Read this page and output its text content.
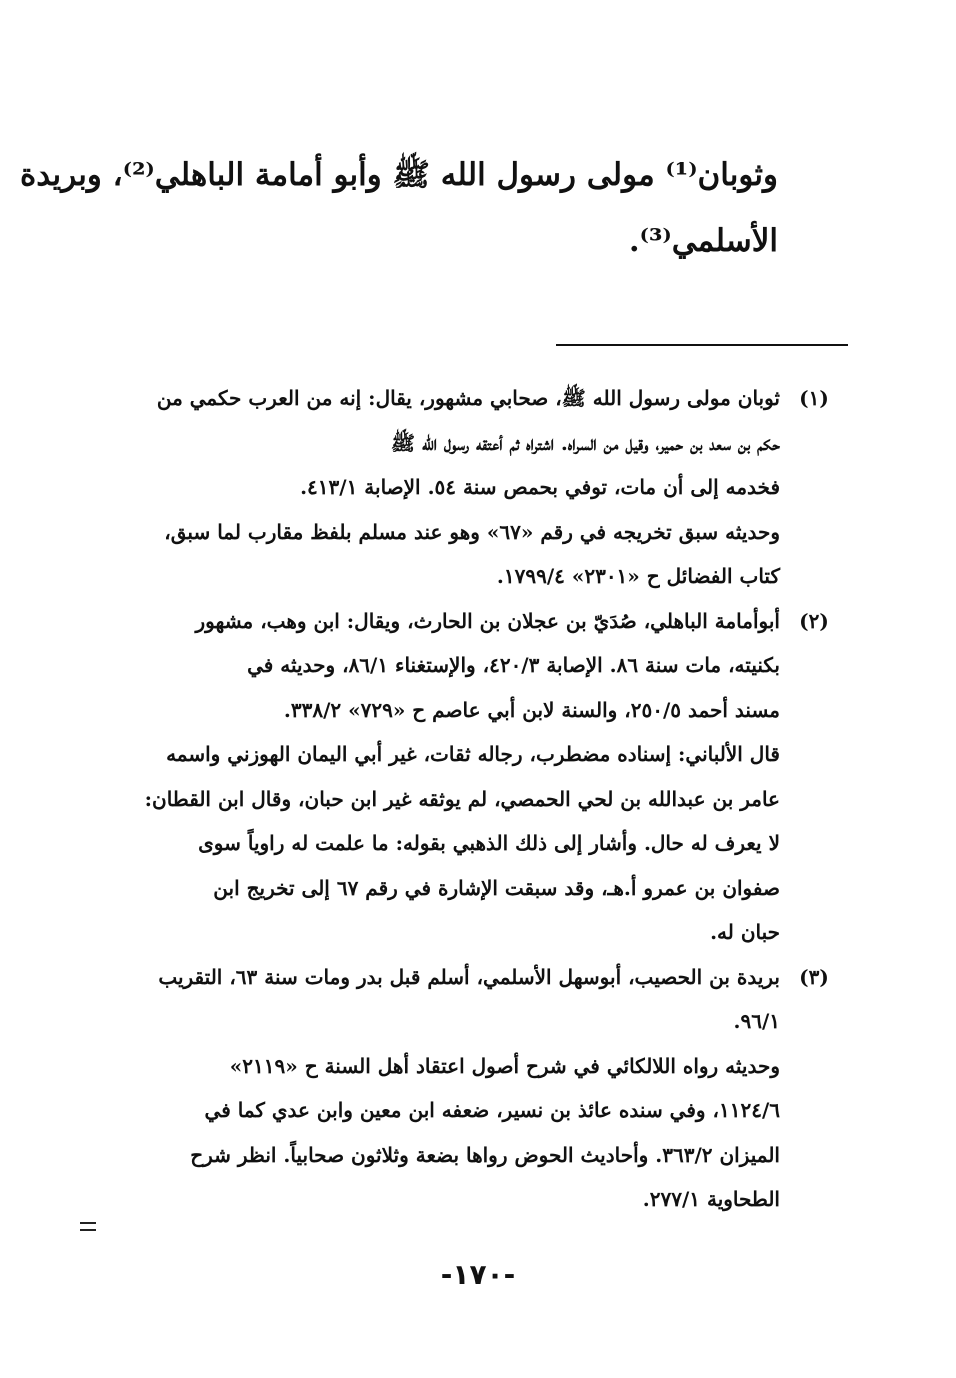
وثوبان⁽¹⁾ مولى رسول الله ﷺ وأبو أمامة الباهلي⁽²⁾، وبريدة
الأسلمي⁽³⁾.
(١)
ثوبان مولى رسول الله ﷺ، صحابي مشهور، يقال: إنه من العرب حكمي من
حكم بن سعد بن حمير، وقيل من السراه. اشتراه ثم أعتقه رسول الله ﷺ
فخدمه إلى أن مات، توفي بحمص سنة ٥٤. الإصابة ٤١٣/١.
وحديثه سبق تخريجه في رقم «٦٧» وهو عند مسلم بلفظ مقارب لما سبق،
كتاب الفضائل ح «٢٣٠١» ١٧٩٩/٤.
(٢)
أبوأمامة الباهلي، صُدَيّ بن عجلان بن الحارث، ويقال: ابن وهب، مشهور
بكنيته، مات سنة ٨٦. الإصابة ٤٢٠/٣، والإستغناء ٨٦/١، وحديثه في
مسند أحمد ٢٥٠/٥، والسنة لابن أبي عاصم ح «٧٢٩» ٣٣٨/٢.
قال الألباني: إسناده مضطرب، رجاله ثقات، غير أبي اليمان الهوزني واسمه
عامر بن عبدالله بن لحي الحمصي، لم يوثقه غير ابن حبان، وقال ابن القطان:
لا يعرف له حال. وأشار إلى ذلك الذهبي بقوله: ما علمت له راوياً سوى
صفوان بن عمرو أ.هـ، وقد سبقت الإشارة في رقم ٦٧ إلى تخريج ابن
حبان له.
(٣)
بريدة بن الحصيب، أبوسهل الأسلمي، أسلم قبل بدر ومات سنة ٦٣، التقريب
٩٦/١.
وحديثه رواه اللالكائي في شرح أصول اعتقاد أهل السنة ح «٢١١٩»
١١٢٤/٦، وفي سنده عائذ بن نسير، ضعفه ابن معين وابن عدي كما في
الميزان ٣٦٣/٢. وأحاديث الحوض رواها بضعة وثلاثون صحابياً. انظر شرح
الطحاوية ٢٧٧/١.
-١٧٠-
